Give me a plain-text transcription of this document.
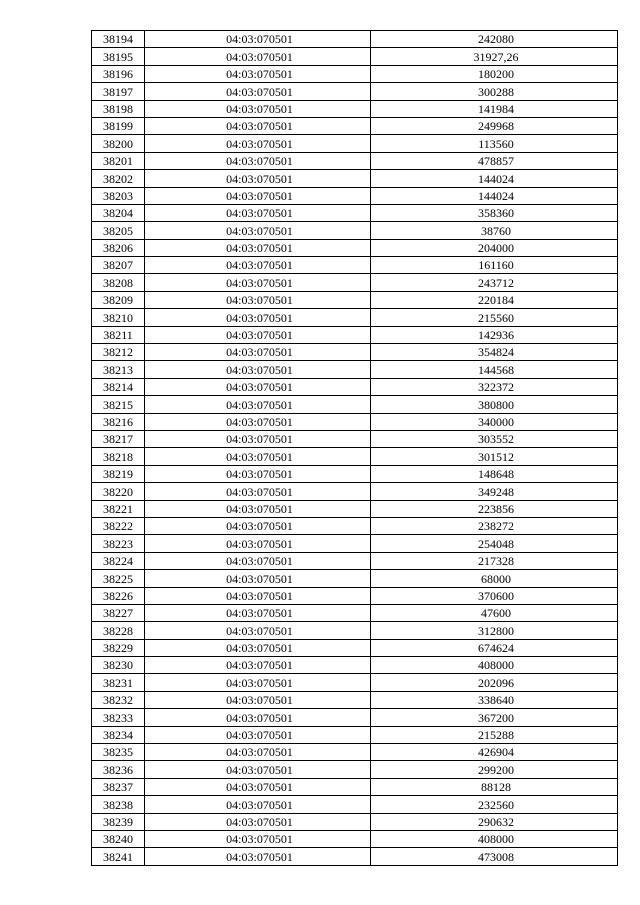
38194	04:03:070501	242080
38195	04:03:070501	31927,26
38196	04:03:070501	180200
38197	04:03:070501	300288
38198	04:03:070501	141984
38199	04:03:070501	249968
38200	04:03:070501	113560
38201	04:03:070501	478857
38202	04:03:070501	144024
38203	04:03:070501	144024
38204	04:03:070501	358360
38205	04:03:070501	38760
38206	04:03:070501	204000
38207	04:03:070501	161160
38208	04:03:070501	243712
38209	04:03:070501	220184
38210	04:03:070501	215560
38211	04:03:070501	142936
38212	04:03:070501	354824
38213	04:03:070501	144568
38214	04:03:070501	322372
38215	04:03:070501	380800
38216	04:03:070501	340000
38217	04:03:070501	303552
38218	04:03:070501	301512
38219	04:03:070501	148648
38220	04:03:070501	349248
38221	04:03:070501	223856
38222	04:03:070501	238272
38223	04:03:070501	254048
38224	04:03:070501	217328
38225	04:03:070501	68000
38226	04:03:070501	370600
38227	04:03:070501	47600
38228	04:03:070501	312800
38229	04:03:070501	674624
38230	04:03:070501	408000
38231	04:03:070501	202096
38232	04:03:070501	338640
38233	04:03:070501	367200
38234	04:03:070501	215288
38235	04:03:070501	426904
38236	04:03:070501	299200
38237	04:03:070501	88128
38238	04:03:070501	232560
38239	04:03:070501	290632
38240	04:03:070501	408000
38241	04:03:070501	473008
